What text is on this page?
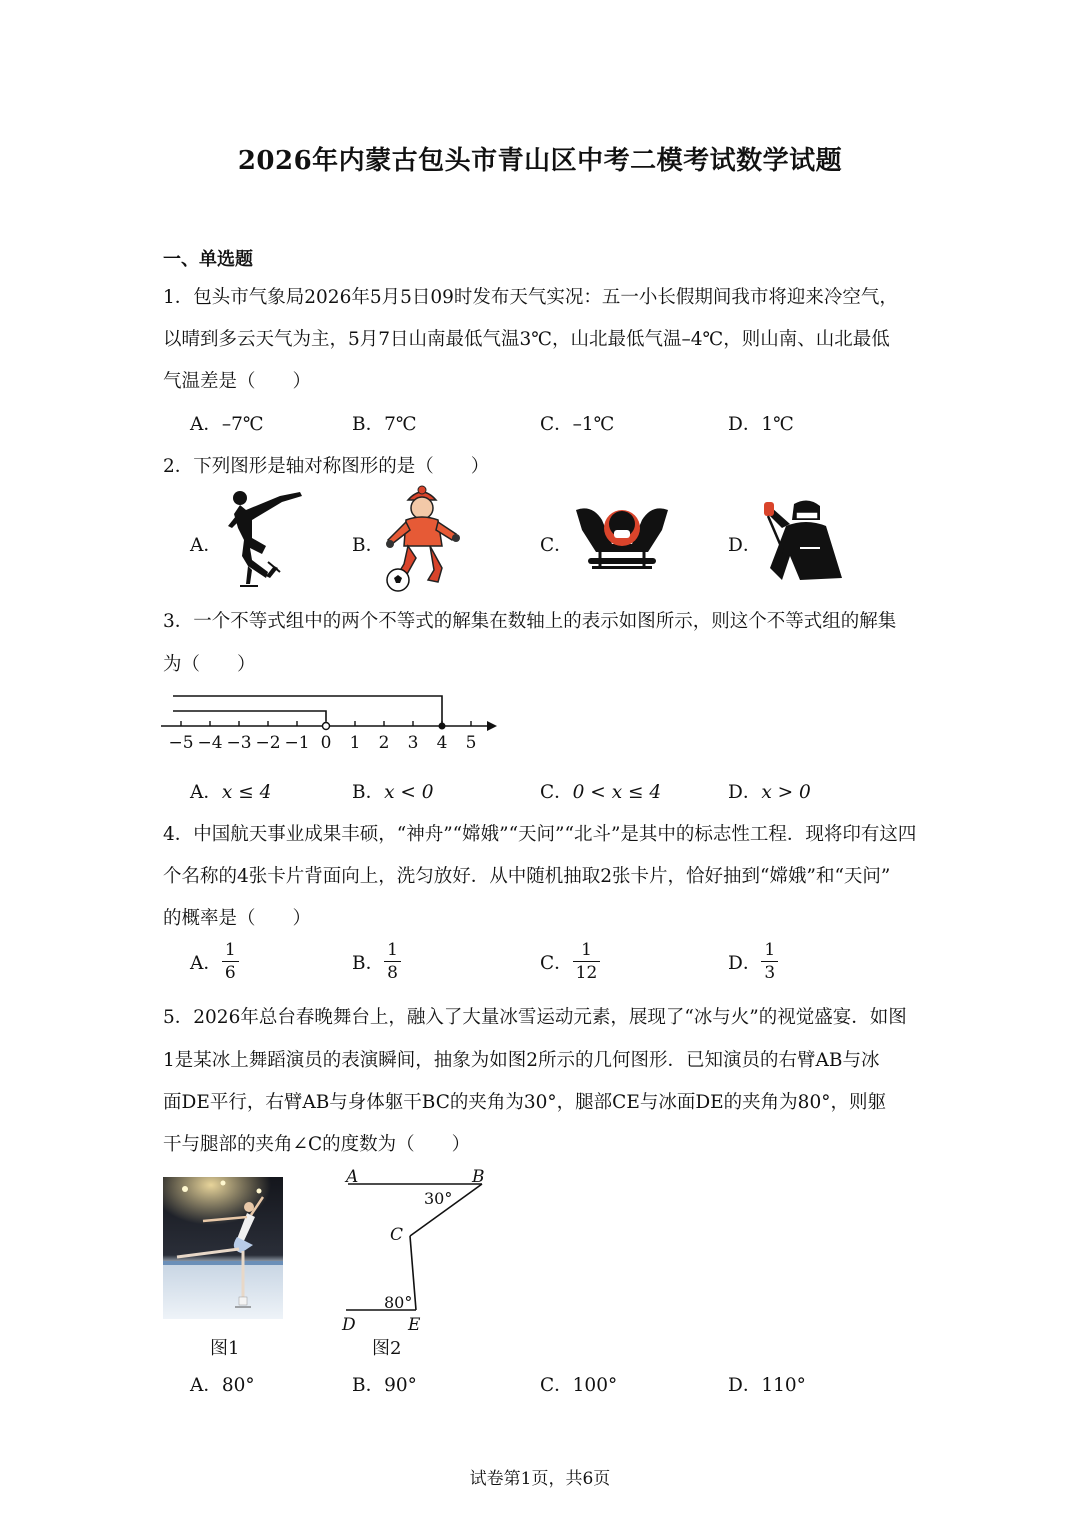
2026年内蒙古包头市青山区中考二模考试数学试题
一、单选题
1．包头市气象局2026年5月5日09时发布天气实况：五一小长假期间我市将迎来冷空气，
以晴到多云天气为主，5月7日山南最低气温3℃，山北最低气温–4℃，则山南、山北最低
气温差是（　　）
A．–7℃	B．7℃	C．–1℃	D．1℃
2．下列图形是轴对称图形的是（　　）
A．	B．	C．	D．
3．一个不等式组中的两个不等式的解集在数轴上的表示如图所示，则这个不等式组的解集
为（　　）
−5 −4 −3 −2 −1 0 1 2 3 4 5
A．x ≤ 4	B．x < 0	C．0 < x ≤ 4	D．x > 0
4．中国航天事业成果丰硕，“神舟”“嫦娥”“天问”“北斗”是其中的标志性工程．现将印有这四
个名称的4张卡片背面向上，洗匀放好．从中随机抽取2张卡片，恰好抽到“嫦娥”和“天问”
的概率是（　　）
A． $\frac{1}{6}$	B． $\frac{1}{8}$	C． $\frac{1}{12}$	D． $\frac{1}{3}$
5．2026年总台春晚舞台上，融入了大量冰雪运动元素，展现了“冰与火”的视觉盛宴．如图
1是某冰上舞蹈演员的表演瞬间，抽象为如图2所示的几何图形．已知演员的右臂AB与冰
面DE平行，右臂AB与身体躯干BC的夹角为30°，腿部CE与冰面DE的夹角为80°，则躯
干与腿部的夹角∠C的度数为（　　）
图1
A	B
30°
C
80°
D	E
图2
A．80°	B．90°	C．100°	D．110°
试卷第1页，共6页
